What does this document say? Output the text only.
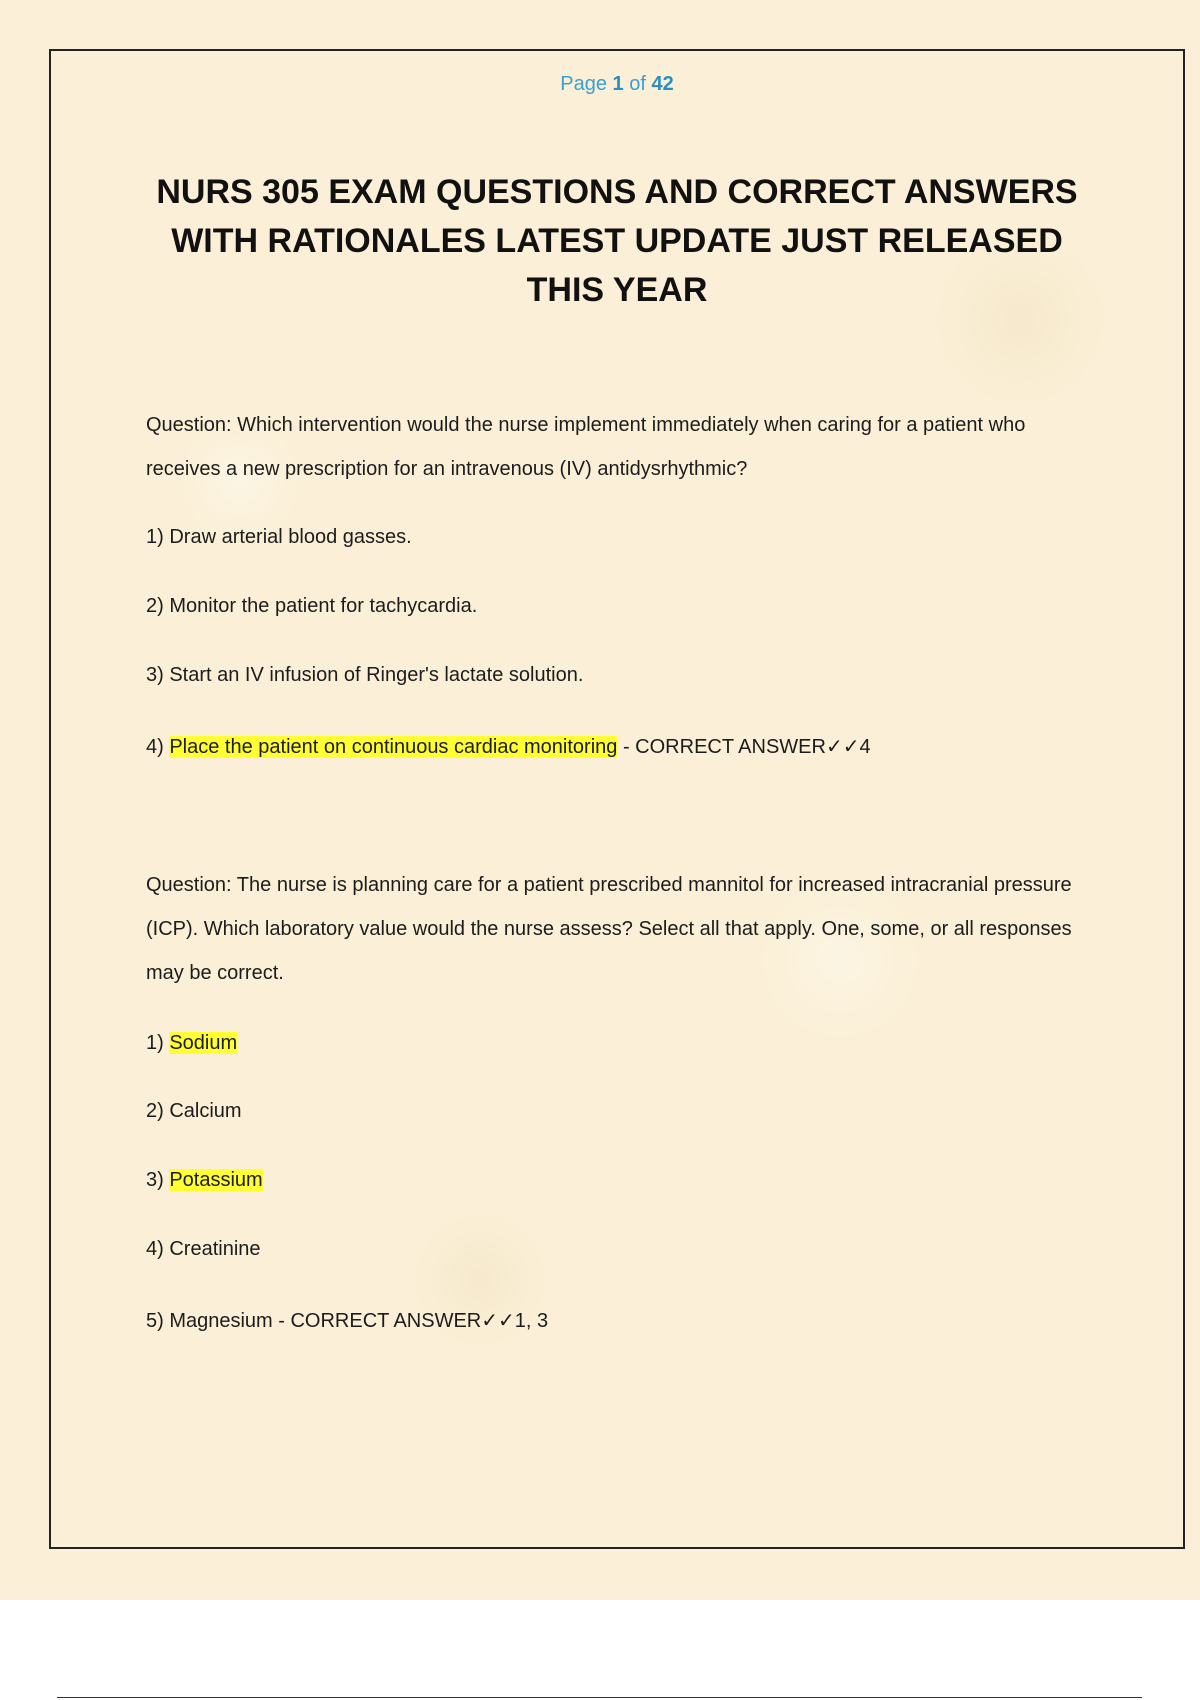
Page 1 of 42
NURS 305 EXAM QUESTIONS AND CORRECT ANSWERS WITH RATIONALES LATEST UPDATE JUST RELEASED THIS YEAR
Question: Which intervention would the nurse implement immediately when caring for a patient who receives a new prescription for an intravenous (IV) antidysrhythmic?
1) Draw arterial blood gasses.
2) Monitor the patient for tachycardia.
3) Start an IV infusion of Ringer's lactate solution.
4) Place the patient on continuous cardiac monitoring - CORRECT ANSWER✓✓4
Question: The nurse is planning care for a patient prescribed mannitol for increased intracranial pressure (ICP). Which laboratory value would the nurse assess? Select all that apply. One, some, or all responses may be correct.
1) Sodium
2) Calcium
3) Potassium
4) Creatinine
5) Magnesium - CORRECT ANSWER✓✓1, 3
